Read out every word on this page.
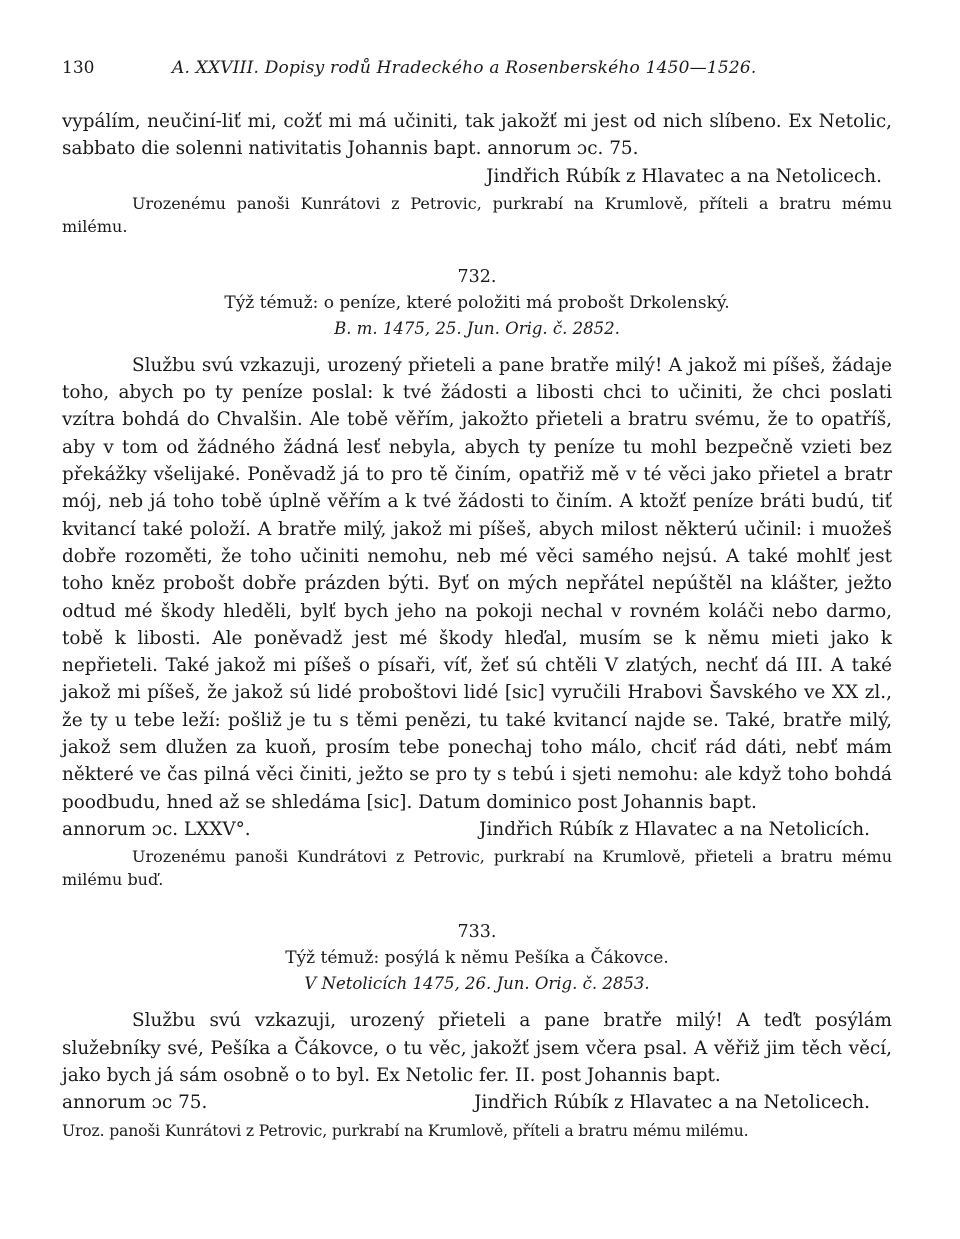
130	A. XXVIII. Dopisy rodů Hradeckého a Rosenberského 1450—1526.

vypálím, neučiní-liť mi, cožť mi má učiniti, tak jakožť mi jest od nich slíbeno. Ex Netolic, sabbato die solenni nativitatis Johannis bapt. annorum ɔc. 75.

Jindřich Rúbík z Hlavatec a na Netolicech.

Urozenému panoši Kunrátovi z Petrovic, purkrabí na Krumlově, příteli a bratru mému milému.

732.

Týž témuž: o peníze, které položiti má probošt Drkolenský.

B. m. 1475, 25. Jun. Orig. č. 2852.

Službu svú vzkazuji, urozený přieteli a pane bratře milý! A jakož mi píšeš, žádaje toho, abych po ty peníze poslal: k tvé žádosti a libosti chci to učiniti, že chci poslati vzítra bohdá do Chvalšin. Ale tobě věřím, jakožto přieteli a bratru svému, že to opatříš, aby v tom od žádného žádná lesť nebyla, abych ty peníze tu mohl bezpečně vzieti bez překážky všelijaké. Poněvadž já to pro tě činím, opatřiž mě v té věci jako přietel a bratr mój, neb já toho tobě úplně věřím a k tvé žádosti to činím. A ktožť peníze bráti budú, tiť kvitancí také položí. A bratře milý, jakož mi píšeš, abych milost některú učinil: i muožeš dobře rozoměti, že toho učiniti nemohu, neb mé věci samého nejsú. A také mohlť jest toho kněz probošt dobře prázden býti. Byť on mých nepřátel nepúštěl na klášter, ježto odtud mé škody hleděli, bylť bych jeho na pokoji nechal v rovném koláči nebo darmo, tobě k libosti. Ale poněvadž jest mé škody hleďal, musím se k němu mieti jako k nepřieteli. Také jakož mi píšeš o písaři, víť, žeť sú chtěli V zlatých, nechť dá III. A také jakož mi píšeš, že jakož sú lidé proboštovi lidé [sic] vyručili Hrabovi Šavského ve XX zl., že ty u tebe leží: pošliž je tu s těmi penězi, tu také kvitancí najde se. Také, bratře milý, jakož sem dlužen za kuoň, prosím tebe ponechaj toho málo, chciť rád dáti, nebť mám některé ve čas pilná věci činiti, ježto se pro ty s tebú i sjeti nemohu: ale když toho bohdá poodbudu, hned až se shledáma [sic]. Datum dominico post Johannis bapt.

annorum ɔc. LXXV°.	Jindřich Rúbík z Hlavatec a na Netolicích.

Urozenému panoši Kundrátovi z Petrovic, purkrabí na Krumlově, přieteli a bratru mému milému buď.

733.

Týž témuž: posýlá k němu Pešíka a Čákovce.

V Netolicích 1475, 26. Jun. Orig. č. 2853.

Službu svú vzkazuji, urozený přieteli a pane bratře milý! A teďt posýlám služebníky své, Pešíka a Čákovce, o tu věc, jakožť jsem včera psal. A věřiž jim těch věcí, jako bych já sám osobně o to byl. Ex Netolic fer. II. post Johannis bapt.

annorum ɔc 75.	Jindřich Rúbík z Hlavatec a na Netolicech.

Uroz. panoši Kunrátovi z Petrovic, purkrabí na Krumlově, příteli a bratru mému milému.
